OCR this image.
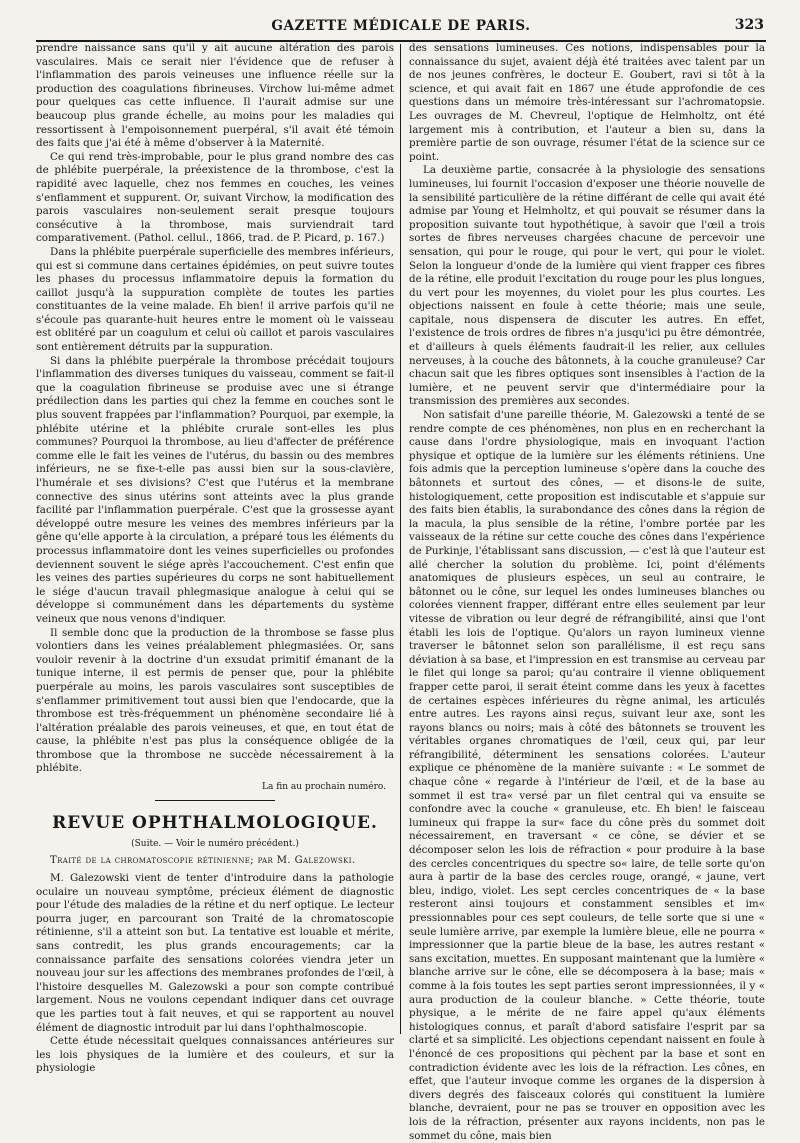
GAZETTE MÉDICALE DE PARIS.	323

prendre naissance sans qu'il y ait aucune altération des parois vasculaires. Mais ce serait nier l'évidence que de refuser à l'inflammation des parois veineuses une influence réelle sur la production des coagulations fibrineuses. Virchow lui-même admet pour quelques cas cette influence. Il l'aurait admise sur une beaucoup plus grande échelle, au moins pour les maladies qui ressortissent à l'empoisonnement puerpéral, s'il avait été témoin des faits que j'ai été à même d'observer à la Maternité.

Ce qui rend très-improbable, pour le plus grand nombre des cas de phlébite puerpérale, la préexistence de la thrombose, c'est la rapidité avec laquelle, chez nos femmes en couches, les veines s'enflamment et suppurent. Or, suivant Virchow, la modification des parois vasculaires non-seulement serait presque toujours consécutive à la thrombose, mais surviendrait tard comparativement. (Pathol. cellul., 1866, trad. de P. Picard, p. 167.)

Dans la phlébite puerpérale superficielle des membres inférieurs, qui est si commune dans certaines épidémies, on peut suivre toutes les phases du processus inflammatoire depuis la formation du caillot jusqu'à la suppuration complète de toutes les parties constituantes de la veine malade. Eh bien! il arrive parfois qu'il ne s'écoule pas quarante-huit heures entre le moment où le vaisseau est oblitéré par un coagulum et celui où caillot et parois vasculaires sont entièrement détruits par la suppuration.

Si dans la phlébite puerpérale la thrombose précédait toujours l'inflammation des diverses tuniques du vaisseau, comment se fait-il que la coagulation fibrineuse se produise avec une si étrange prédilection dans les parties qui chez la femme en couches sont le plus souvent frappées par l'inflammation? Pourquoi, par exemple, la phlébite utérine et la phlébite crurale sont-elles les plus communes? Pourquoi la thrombose, au lieu d'affecter de préférence comme elle le fait les veines de l'utérus, du bassin ou des membres inférieurs, ne se fixe-t-elle pas aussi bien sur la sous-clavière, l'humérale et ses divisions? C'est que l'utérus et la membrane connective des sinus utérins sont atteints avec la plus grande facilité par l'inflammation puerpérale. C'est que la grossesse ayant développé outre mesure les veines des membres inférieurs par la gêne qu'elle apporte à la circulation, a préparé tous les éléments du processus inflammatoire dont les veines superficielles ou profondes deviennent souvent le siége après l'accouchement. C'est enfin que les veines des parties supérieures du corps ne sont habituellement le siége d'aucun travail phlegmasique analogue à celui qui se développe si communément dans les départements du système veineux que nous venons d'indiquer.

Il semble donc que la production de la thrombose se fasse plus volontiers dans les veines préalablement phlegmasiées. Or, sans vouloir revenir à la doctrine d'un exsudat primitif émanant de la tunique interne, il est permis de penser que, pour la phlébite puerpérale au moins, les parois vasculaires sont susceptibles de s'enflammer primitivement tout aussi bien que l'endocarde, que la thrombose est très-fréquemment un phénomène secondaire lié à l'altération préalable des parois veineuses, et que, en tout état de cause, la phlébite n'est pas plus la conséquence obligée de la thrombose que la thrombose ne succède nécessairement à la phlébite.

La fin au prochain numéro.
REVUE OPHTHALMOLOGIQUE.
(Suite. — Voir le numéro précédent.)
Traité de la chromatoscopie rétinienne; par M. Galezowski.

M. Galezowski vient de tenter d'introduire dans la pathologie oculaire un nouveau symptôme, précieux élément de diagnostic pour l'étude des maladies de la rétine et du nerf optique. Le lecteur pourra juger, en parcourant son Traité de la chromatoscopie rétinienne, s'il a atteint son but. La tentative est louable et mérite, sans contredit, les plus grands encouragements; car la connaissance parfaite des sensations colorées viendra jeter un nouveau jour sur les affections des membranes profondes de l'œil, à l'histoire desquelles M. Galezowski a pour son compte contribué largement. Nous ne voulons cependant indiquer dans cet ouvrage que les parties tout à fait neuves, et qui se rapportent au nouvel élément de diagnostic introduit par lui dans l'ophthalmoscopie.

Cette étude nécessitait quelques connaissances antérieures sur les lois physiques de la lumière et des couleurs, et sur la physiologie

des sensations lumineuses. Ces notions, indispensables pour la connaissance du sujet, avaient déjà été traitées avec talent par un de nos jeunes confrères, le docteur E. Goubert, ravi si tôt à la science, et qui avait fait en 1867 une étude approfondie de ces questions dans un mémoire très-intéressant sur l'achromatopsie. Les ouvrages de M. Chevreul, l'optique de Helmholtz, ont été largement mis à contribution, et l'auteur a bien su, dans la première partie de son ouvrage, résumer l'état de la science sur ce point.

La deuxième partie, consacrée à la physiologie des sensations lumineuses, lui fournit l'occasion d'exposer une théorie nouvelle de la sensibilité particulière de la rétine différant de celle qui avait été admise par Young et Helmholtz, et qui pouvait se résumer dans la proposition suivante tout hypothétique, à savoir que l'œil a trois sortes de fibres nerveuses chargées chacune de percevoir une sensation, qui pour le rouge, qui pour le vert, qui pour le violet. Selon la longueur d'onde de la lumière qui vient frapper ces fibres de la rétine, elle produit l'excitation du rouge pour les plus longues, du vert pour les moyennes, du violet pour les plus courtes. Les objections naissent en foule à cette théorie; mais une seule, capitale, nous dispensera de discuter les autres. En effet, l'existence de trois ordres de fibres n'a jusqu'ici pu être démontrée, et d'ailleurs à quels éléments faudrait-il les relier, aux cellules nerveuses, à la couche des bâtonnets, à la couche granuleuse? Car chacun sait que les fibres optiques sont insensibles à l'action de la lumière, et ne peuvent servir que d'intermédiaire pour la transmission des premières aux secondes.

Non satisfait d'une pareille théorie, M. Galezowski a tenté de se rendre compte de ces phénomènes, non plus en en recherchant la cause dans l'ordre physiologique, mais en invoquant l'action physique et optique de la lumière sur les éléments rétiniens. Une fois admis que la perception lumineuse s'opère dans la couche des bâtonnets et surtout des cônes, — et disons-le de suite, histologiquement, cette proposition est indiscutable et s'appuie sur des faits bien établis, la surabondance des cônes dans la région de la macula, la plus sensible de la rétine, l'ombre portée par les vaisseaux de la rétine sur cette couche des cônes dans l'expérience de Purkinje, l'établissant sans discussion, — c'est là que l'auteur est allé chercher la solution du problème. Ici, point d'éléments anatomiques de plusieurs espèces, un seul au contraire, le bâtonnet ou le cône, sur lequel les ondes lumineuses blanches ou colorées viennent frapper, différant entre elles seulement par leur vitesse de vibration ou leur degré de réfrangibilité, ainsi que l'ont établi les lois de l'optique. Qu'alors un rayon lumineux vienne traverser le bâtonnet selon son parallélisme, il est reçu sans déviation à sa base, et l'impression en est transmise au cerveau par le filet qui longe sa paroi; qu'au contraire il vienne obliquement frapper cette paroi, il serait éteint comme dans les yeux à facettes de certaines espèces inférieures du règne animal, les articulés entre autres. Les rayons ainsi reçus, suivant leur axe, sont les rayons blancs ou noirs; mais à côté des bâtonnets se trouvent les véritables organes chromatiques de l'œil, ceux qui, par leur réfrangibilité, déterminent les sensations colorées. L'auteur explique ce phénomène de la manière suivante : « Le sommet de chaque cône « regarde à l'intérieur de l'œil, et de la base au sommet il est tra« versé par un filet central qui va ensuite se confondre avec la couche « granuleuse, etc. Eh bien! le faisceau lumineux qui frappe la sur« face du cône près du sommet doit nécessairement, en traversant « ce cône, se dévier et se décomposer selon les lois de réfraction « pour produire à la base des cercles concentriques du spectre so« laire, de telle sorte qu'on aura à partir de la base des cercles rouge, orangé, « jaune, vert bleu, indigo, violet. Les sept cercles concentriques de « la base resteront ainsi toujours et constamment sensibles et im« pressionnables pour ces sept couleurs, de telle sorte que si une « seule lumière arrive, par exemple la lumière bleue, elle ne pourra « impressionner que la partie bleue de la base, les autres restant « sans excitation, muettes. En supposant maintenant que la lumière « blanche arrive sur le cône, elle se décomposera à la base; mais « comme à la fois toutes les sept parties seront impressionnées, il y « aura production de la couleur blanche. » Cette théorie, toute physique, a le mérite de ne faire appel qu'aux éléments histologiques connus, et paraît d'abord satisfaire l'esprit par sa clarté et sa simplicité. Les objections cependant naissent en foule à l'énoncé de ces propositions qui pèchent par la base et sont en contradiction évidente avec les lois de la réfraction. Les cônes, en effet, que l'auteur invoque comme les organes de la dispersion à divers degrés des faisceaux colorés qui constituent la lumière blanche, devraient, pour ne pas se trouver en opposition avec les lois de la réfraction, présenter aux rayons incidents, non pas le sommet du cône, mais bien
